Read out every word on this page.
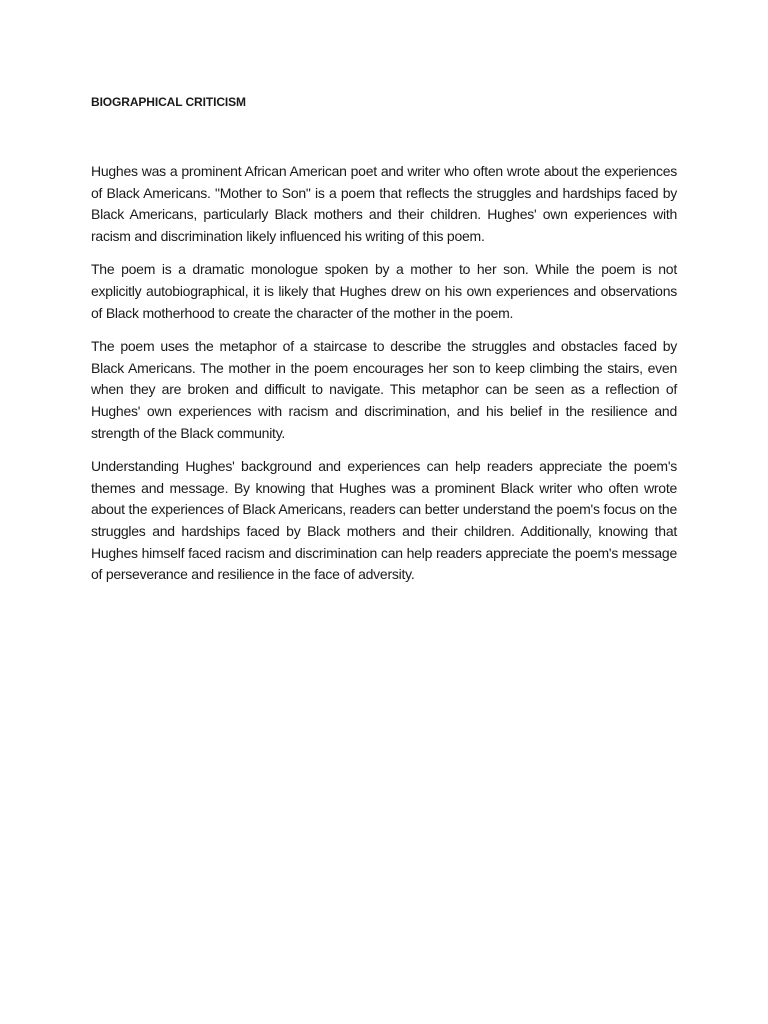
BIOGRAPHICAL CRITICISM

Hughes was a prominent African American poet and writer who often wrote about the experiences of Black Americans. "Mother to Son" is a poem that reflects the struggles and hardships faced by Black Americans, particularly Black mothers and their children. Hughes' own experiences with racism and discrimination likely influenced his writing of this poem.

The poem is a dramatic monologue spoken by a mother to her son. While the poem is not explicitly autobiographical, it is likely that Hughes drew on his own experiences and observations of Black motherhood to create the character of the mother in the poem.

The poem uses the metaphor of a staircase to describe the struggles and obstacles faced by Black Americans. The mother in the poem encourages her son to keep climbing the stairs, even when they are broken and difficult to navigate. This metaphor can be seen as a reflection of Hughes' own experiences with racism and discrimination, and his belief in the resilience and strength of the Black community.

Understanding Hughes' background and experiences can help readers appreciate the poem's themes and message. By knowing that Hughes was a prominent Black writer who often wrote about the experiences of Black Americans, readers can better understand the poem's focus on the struggles and hardships faced by Black mothers and their children. Additionally, knowing that Hughes himself faced racism and discrimination can help readers appreciate the poem's message of perseverance and resilience in the face of adversity.
